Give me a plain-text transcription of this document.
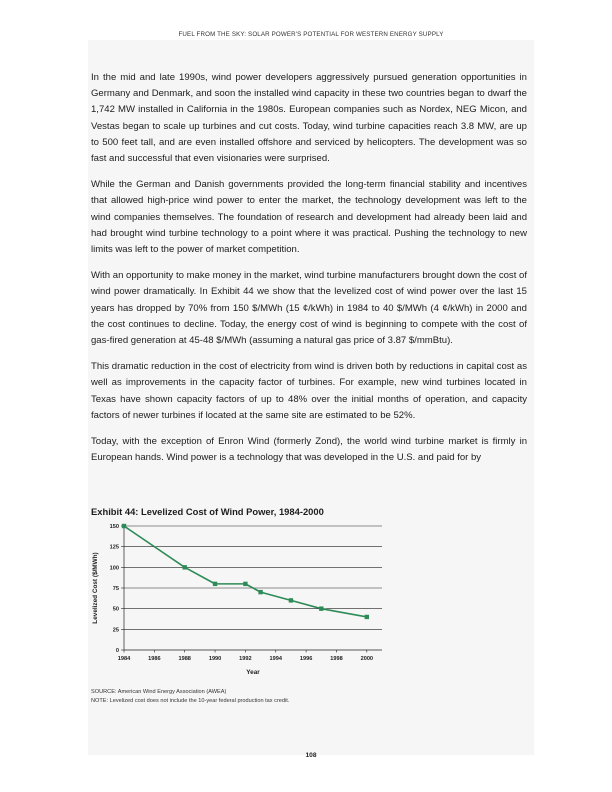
FUEL FROM THE SKY: SOLAR POWER'S POTENTIAL FOR WESTERN ENERGY SUPPLY

In the mid and late 1990s, wind power developers aggressively pursued generation opportunities in Germany and Denmark, and soon the installed wind capacity in these two countries began to dwarf the 1,742 MW installed in California in the 1980s. European companies such as Nordex, NEG Micon, and Vestas began to scale up turbines and cut costs. Today, wind turbine capacities reach 3.8 MW, are up to 500 feet tall, and are even installed offshore and serviced by helicopters. The development was so fast and successful that even visionaries were surprised.

While the German and Danish governments provided the long-term financial stability and incentives that allowed high-price wind power to enter the market, the technology development was left to the wind companies themselves. The foundation of research and development had already been laid and had brought wind turbine technology to a point where it was practical. Pushing the technology to new limits was left to the power of market competition.

With an opportunity to make money in the market, wind turbine manufacturers brought down the cost of wind power dramatically. In Exhibit 44 we show that the levelized cost of wind power over the last 15 years has dropped by 70% from 150 $/MWh (15 ¢/kWh) in 1984 to 40 $/MWh (4 ¢/kWh) in 2000 and the cost continues to decline. Today, the energy cost of wind is beginning to compete with the cost of gas-fired generation at 45-48 $/MWh (assuming a natural gas price of 3.87 $/mmBtu).

This dramatic reduction in the cost of electricity from wind is driven both by reductions in capital cost as well as improvements in the capacity factor of turbines. For example, new wind turbines located in Texas have shown capacity factors of up to 48% over the initial months of operation, and capacity factors of newer turbines if located at the same site are estimated to be 52%.

Today, with the exception of Enron Wind (formerly Zond), the world wind turbine market is firmly in European hands. Wind power is a technology that was developed in the U.S. and paid for by

Exhibit 44: Levelized Cost of Wind Power, 1984-2000
Year
Levelized Cost ($/MWh)
0
25
50
75
100
125
150
1984	1986	1988	1990	1992	1994	1996	1998	2000
SOURCE: American Wind Energy Association (AWEA)
NOTE: Levelized cost does not include the 10-year federal production tax credit.
108
